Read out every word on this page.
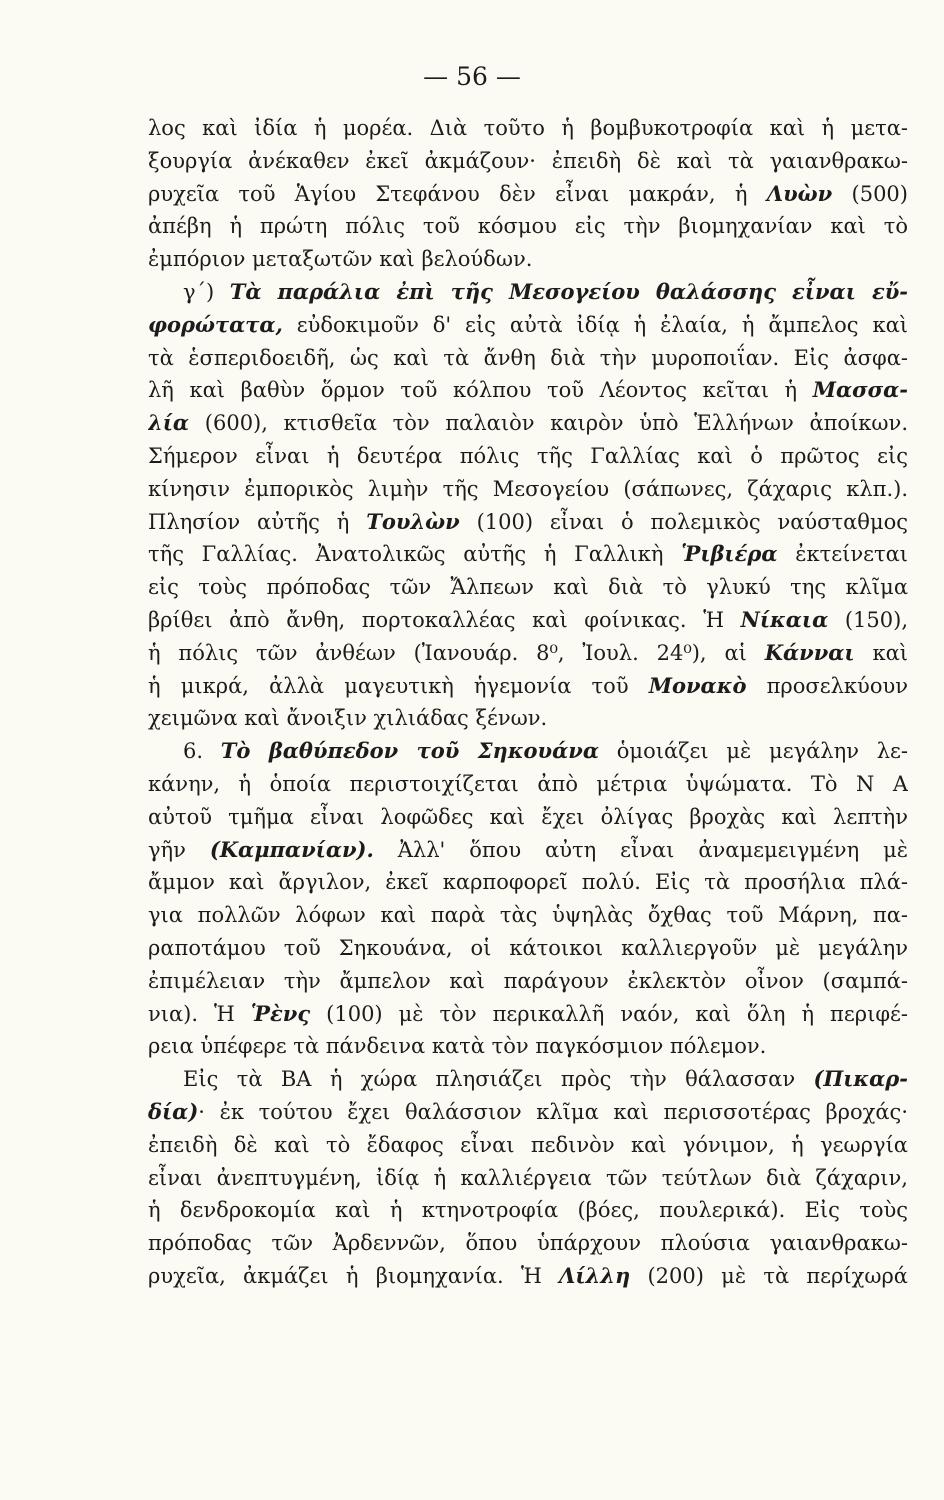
— 56 —
λος καὶ ἰδία ἡ μορέα. Διὰ τοῦτο ἡ βομβυκοτροφία καὶ ἡ μετα-
ξουργία ἀνέκαθεν ἐκεῖ ἀκμάζουν· ἐπειδὴ δὲ καὶ τὰ γαιανθρακω-
ρυχεῖα τοῦ Ἁγίου Στεφάνου δὲν εἶναι μακράν, ἡ Λυὼν (500)
ἀπέβη ἡ πρώτη πόλις τοῦ κόσμου εἰς τὴν βιομηχανίαν καὶ τὸ
ἐμπόριον μεταξωτῶν καὶ βελούδων.
γ´) Τὰ παράλια ἐπὶ τῆς Μεσογείου θαλάσσης εἶναι εὔ-
φορώτατα, εὐδοκιμοῦν δ' εἰς αὐτὰ ἰδίᾳ ἡ ἐλαία, ἡ ἄμπελος καὶ
τὰ ἑσπεριδοειδῆ, ὡς καὶ τὰ ἄνθη διὰ τὴν μυροποιΐαν. Εἰς ἀσφα-
λῆ καὶ βαθὺν ὅρμον τοῦ κόλπου τοῦ Λέοντος κεῖται ἡ Μασσα-
λία (600), κτισθεῖα τὸν παλαιὸν καιρὸν ὑπὸ Ἑλλήνων ἀποίκων.
Σήμερον εἶναι ἡ δευτέρα πόλις τῆς Γαλλίας καὶ ὁ πρῶτος εἰς
κίνησιν ἐμπορικὸς λιμὴν τῆς Μεσογείου (σάπωνες, ζάχαρις κλπ.).
Πλησίον αὐτῆς ἡ Τουλὼν (100) εἶναι ὁ πολεμικὸς ναύσταθμος
τῆς Γαλλίας. Ἀνατολικῶς αὐτῆς ἡ Γαλλικὴ Ῥιβιέρα ἐκτείνεται
εἰς τοὺς πρόποδας τῶν Ἄλπεων καὶ διὰ τὸ γλυκύ της κλῖμα
βρίθει ἀπὸ ἄνθη, πορτοκαλλέας καὶ φοίνικας. Ἡ Νίκαια (150),
ἡ πόλις τῶν ἀνθέων (Ἰανουάρ. 8⁰, Ἰουλ. 24⁰), αἱ Κάνναι καὶ
ἡ μικρά, ἀλλὰ μαγευτικὴ ἡγεμονία τοῦ Μονακὸ προσελκύουν
χειμῶνα καὶ ἄνοιξιν χιλιάδας ξένων.
6. Τὸ βαθύπεδον τοῦ Σηκουάνα ὁμοιάζει μὲ μεγάλην λε-
κάνην, ἡ ὁποία περιστοιχίζεται ἀπὸ μέτρια ὑψώματα. Τὸ Ν Α
αὐτοῦ τμῆμα εἶναι λοφῶδες καὶ ἔχει ὀλίγας βροχὰς καὶ λεπτὴν
γῆν (Καμπανίαν). Ἀλλ' ὅπου αὐτη εἶναι ἀναμεμειγμένη μὲ
ἄμμον καὶ ἄργιλον, ἐκεῖ καρποφορεῖ πολύ. Εἰς τὰ προσήλια πλά-
για πολλῶν λόφων καὶ παρὰ τὰς ὑψηλὰς ὄχθας τοῦ Μάρνη, πα-
ραποτάμου τοῦ Σηκουάνα, οἱ κάτοικοι καλλιεργοῦν μὲ μεγάλην
ἐπιμέλειαν τὴν ἄμπελον καὶ παράγουν ἐκλεκτὸν οἶνον (σαμπά-
νια). Ἡ Ῥὲνς (100) μὲ τὸν περικαλλῆ ναόν, καὶ ὅλη ἡ περιφέ-
ρεια ὑπέφερε τὰ πάνδεινα κατὰ τὸν παγκόσμιον πόλεμον.
Εἰς τὰ ΒΑ ἡ χώρα πλησιάζει πρὸς τὴν θάλασσαν (Πικαρ-
δία)· ἐκ τούτου ἔχει θαλάσσιον κλῖμα καὶ περισσοτέρας βροχάς·
ἐπειδὴ δὲ καὶ τὸ ἔδαφος εἶναι πεδινὸν καὶ γόνιμον, ἡ γεωργία
εἶναι ἀνεπτυγμένη, ἰδίᾳ ἡ καλλιέργεια τῶν τεύτλων διὰ ζάχαριν,
ἡ δενδροκομία καὶ ἡ κτηνοτροφία (βόες, πουλερικά). Εἰς τοὺς
πρόποδας τῶν Ἀρδεννῶν, ὅπου ὑπάρχουν πλούσια γαιανθρακω-
ρυχεῖα, ἀκμάζει ἡ βιομηχανία. Ἡ Λίλλη (200) μὲ τὰ περίχωρά
